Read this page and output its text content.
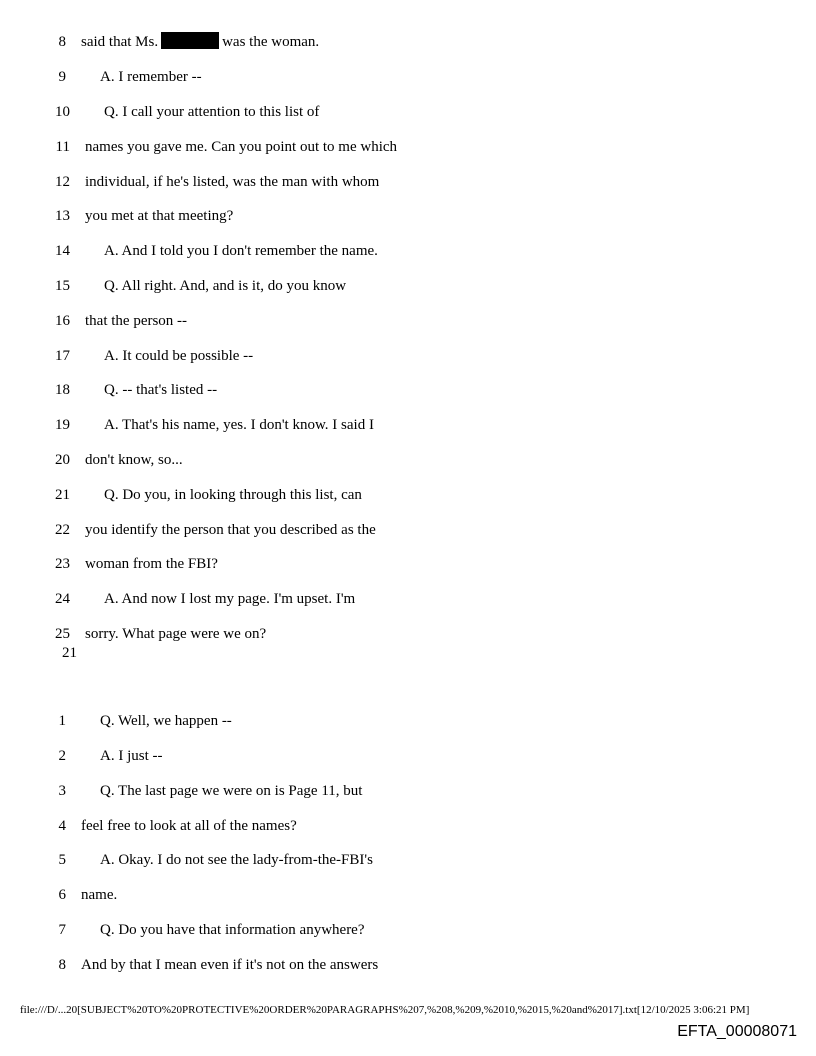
8 said that Ms.	was the woman.
9 A. I remember --
10 Q. I call your attention to this list of
11 names you gave me. Can you point out to me which
12 individual, if he's listed, was the man with whom
13 you met at that meeting?
14 A. And I told you I don't remember the name.
15 Q. All right. And, and is it, do you know
16 that the person --
17 A. It could be possible --
18 Q. -- that's listed --
19 A. That's his name, yes. I don't know. I said I
20 don't know, so...
21 Q. Do you, in looking through this list, can
22 you identify the person that you described as the
23 woman from the FBI?
24 A. And now I lost my page. I'm upset. I'm
25 sorry. What page were we on?
21
1 Q. Well, we happen --
2 A. I just --
3 Q. The last page we were on is Page 11, but
4 feel free to look at all of the names?
5 A. Okay. I do not see the lady-from-the-FBI's
6 name.
7 Q. Do you have that information anywhere?
8 And by that I mean even if it's not on the answers
file:///D/...20[SUBJECT%20TO%20PROTECTIVE%20ORDER%20PARAGRAPHS%207,%208,%209,%2010,%2015,%20and%2017].txt[12/10/2025 3:06:21 PM]
EFTA_00008071
